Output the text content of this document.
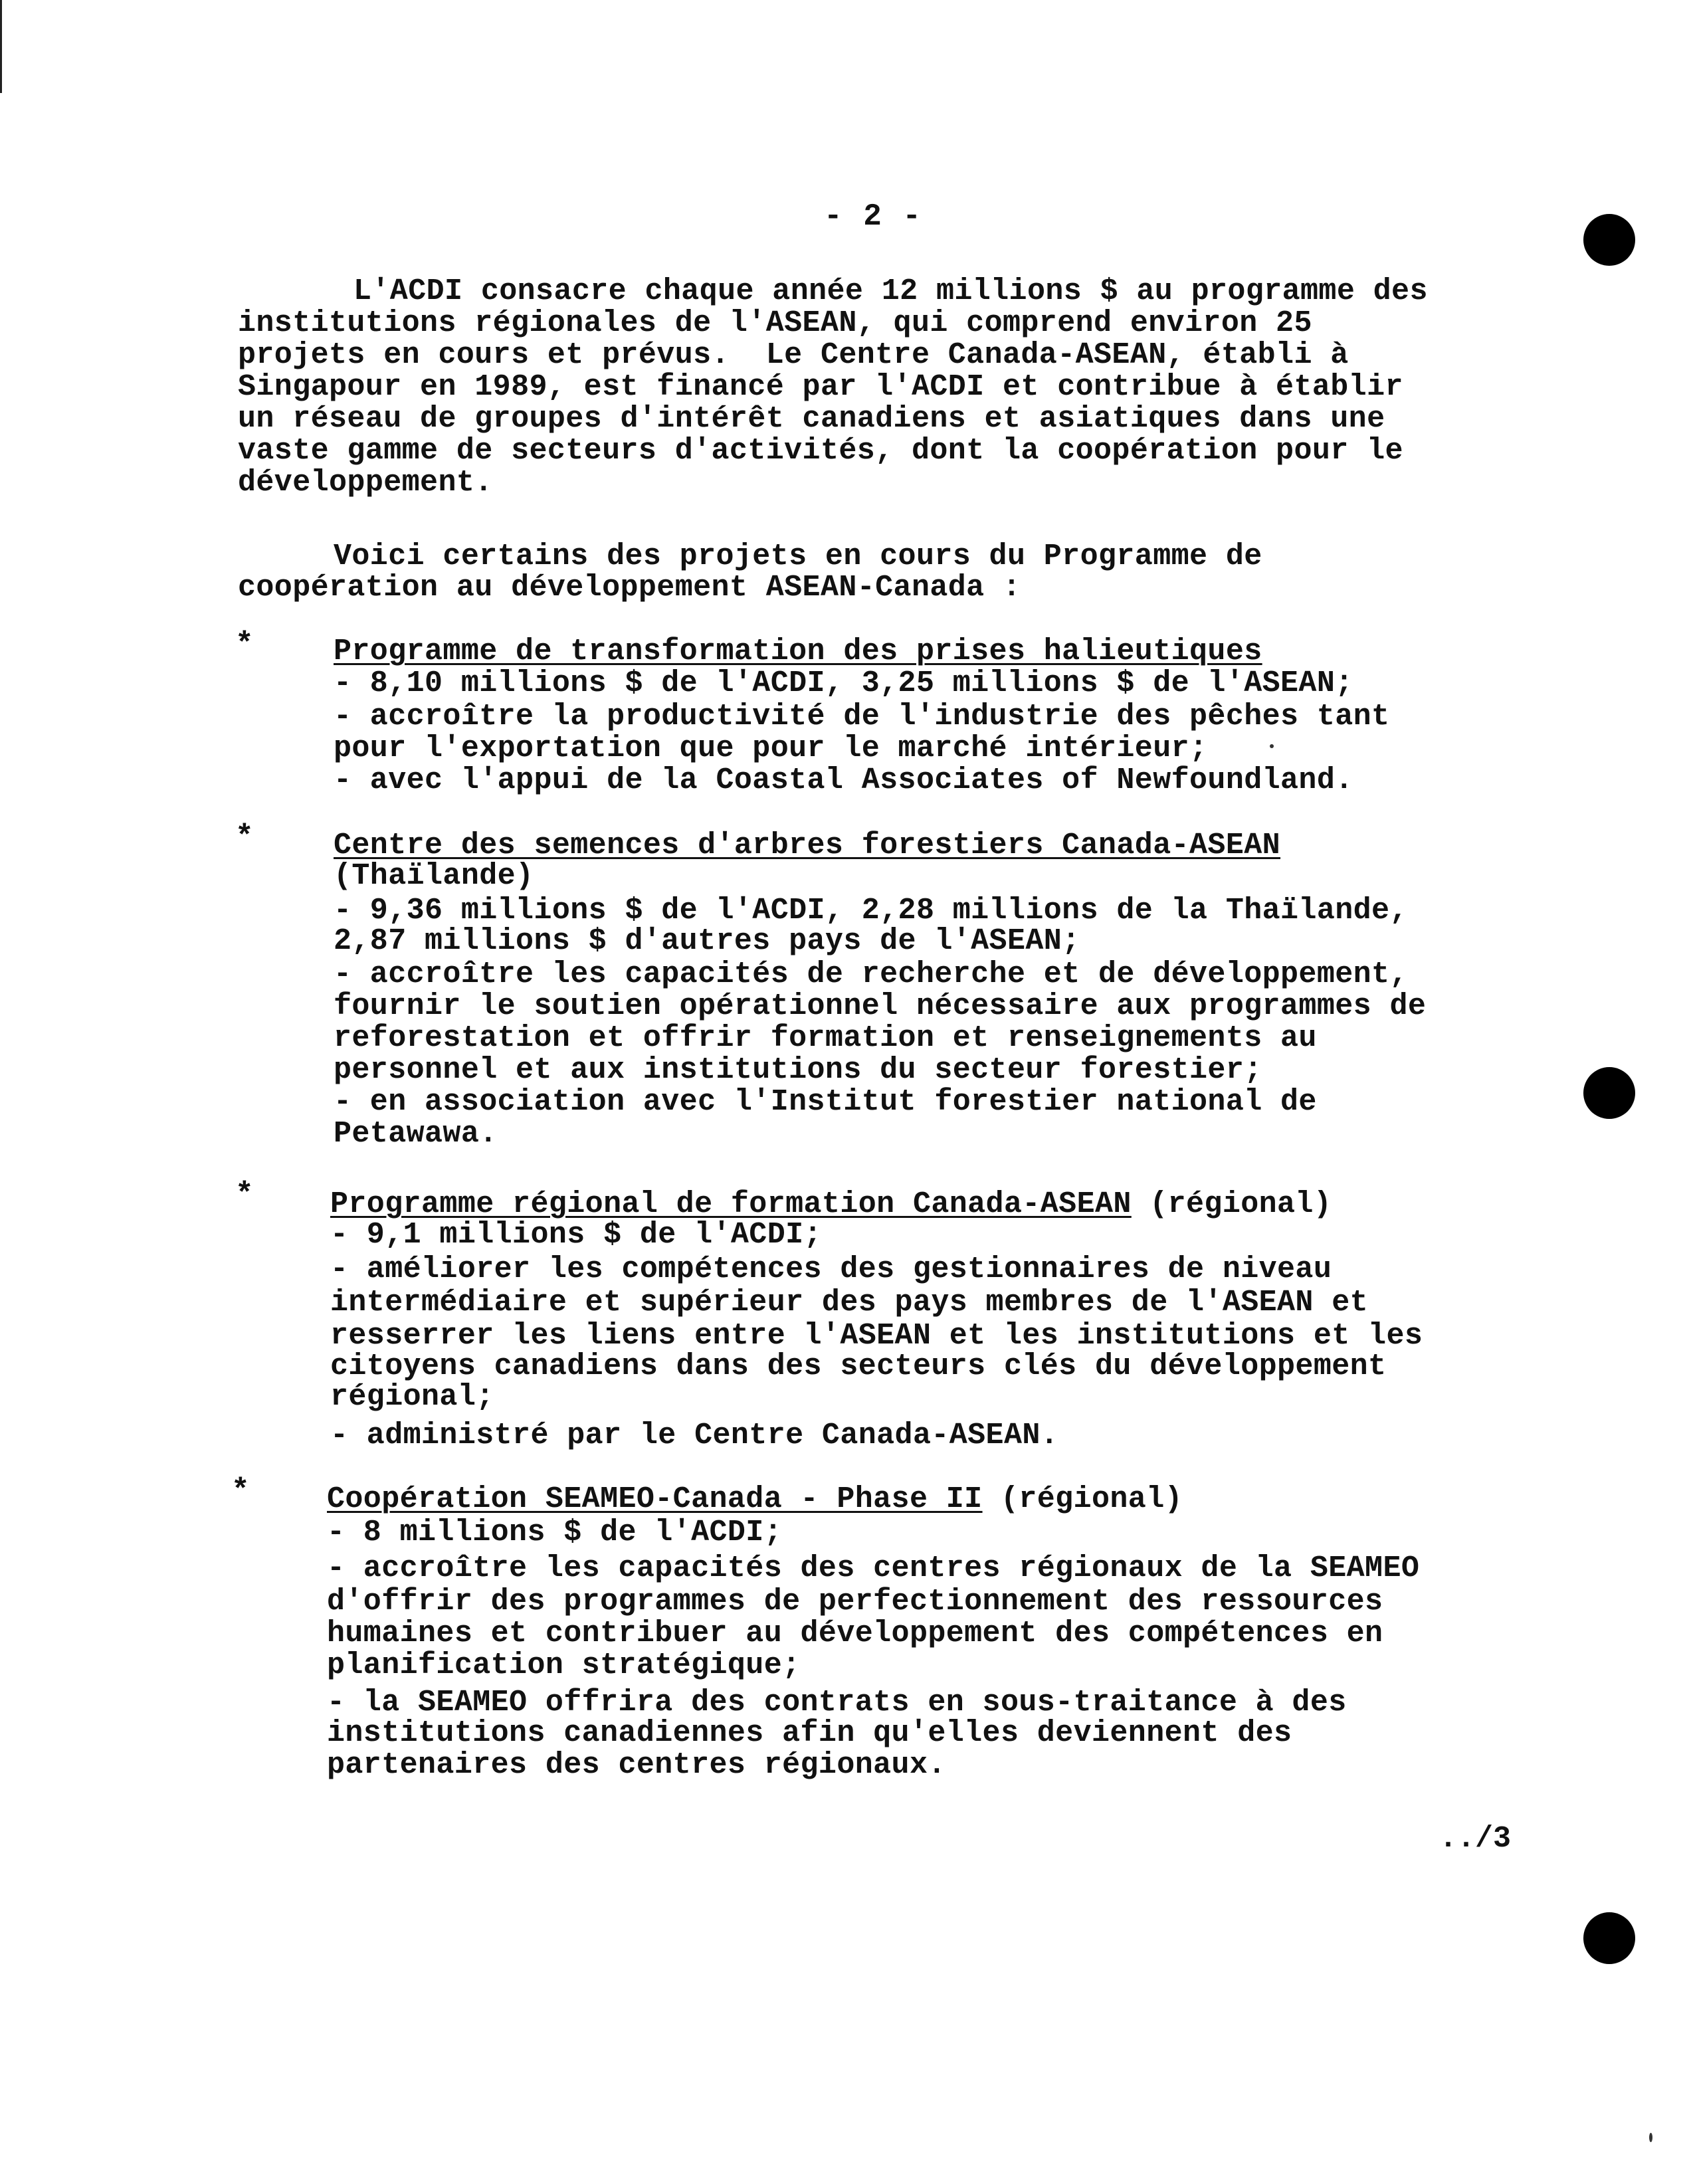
- 2 -
L'ACDI consacre chaque année 12 millions $ au programme des
institutions régionales de l'ASEAN, qui comprend environ 25
projets en cours et prévus.  Le Centre Canada-ASEAN, établi à
Singapour en 1989, est financé par l'ACDI et contribue à établir
un réseau de groupes d'intérêt canadiens et asiatiques dans une
vaste gamme de secteurs d'activités, dont la coopération pour le
développement.
Voici certains des projets en cours du Programme de
coopération au développement ASEAN-Canada :
*	Programme de transformation des prises halieutiques
- 8,10 millions $ de l'ACDI, 3,25 millions $ de l'ASEAN;
- accroître la productivité de l'industrie des pêches tant
pour l'exportation que pour le marché intérieur;
- avec l'appui de la Coastal Associates of Newfoundland.
*	Centre des semences d'arbres forestiers Canada-ASEAN
(Thaïlande)
- 9,36 millions $ de l'ACDI, 2,28 millions de la Thaïlande,
2,87 millions $ d'autres pays de l'ASEAN;
- accroître les capacités de recherche et de développement,
fournir le soutien opérationnel nécessaire aux programmes de
reforestation et offrir formation et renseignements au
personnel et aux institutions du secteur forestier;
- en association avec l'Institut forestier national de
Petawawa.
*	Programme régional de formation Canada-ASEAN (régional)
- 9,1 millions $ de l'ACDI;
- améliorer les compétences des gestionnaires de niveau
intermédiaire et supérieur des pays membres de l'ASEAN et
resserrer les liens entre l'ASEAN et les institutions et les
citoyens canadiens dans des secteurs clés du développement
régional;
- administré par le Centre Canada-ASEAN.
*	Coopération SEAMEO-Canada - Phase II (régional)
- 8 millions $ de l'ACDI;
- accroître les capacités des centres régionaux de la SEAMEO
d'offrir des programmes de perfectionnement des ressources
humaines et contribuer au développement des compétences en
planification stratégique;
- la SEAMEO offrira des contrats en sous-traitance à des
institutions canadiennes afin qu'elles deviennent des
partenaires des centres régionaux.
../3
